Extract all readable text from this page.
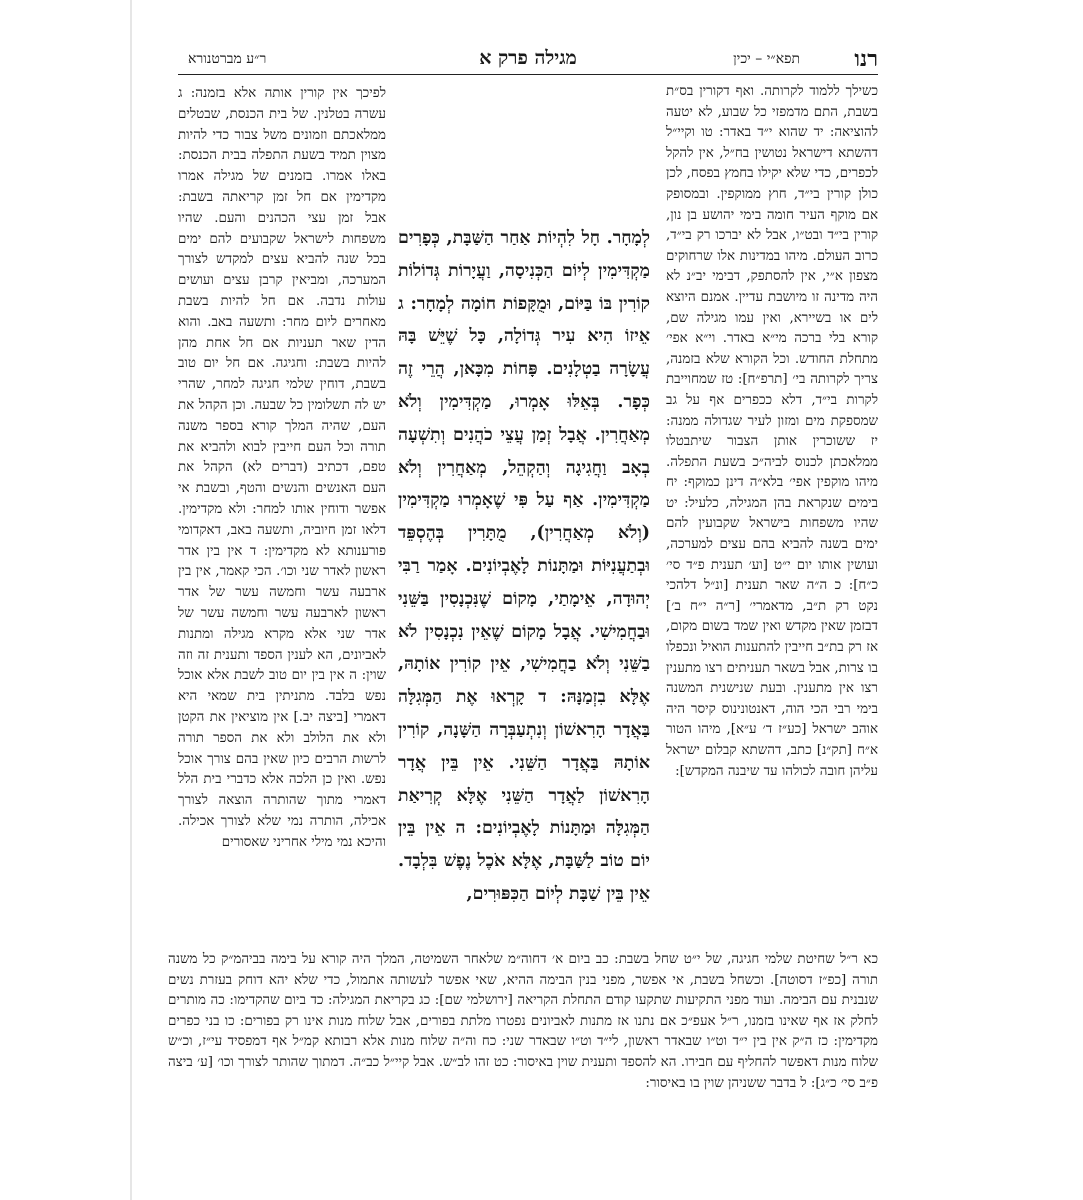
רנו
תפא״י – יכין
מגילה פרק א
ר״ע מברטנורא

כשילך ללמוד לקרותה. ואף דקורין בס״ת בשבת, התם מדמפזי כל שבוע, לא יטעה להוציאה: יד שהוא י״ד באדר: טו וקיי״ל דהשתא דישראל נטושין בח״ל, אין להקל לכפרים, כדי שלא יקילו בחמץ בפסח, לכן כולן קורין בי״ד, חוץ ממוקפין. ובמסופק אם מוקף העיר חומה בימי יהושע בן נון, קורין בי״ד ובט״ו, אבל לא יברכו רק בי״ד, כרוב העולם. מיהו במדינות אלו שרחוקים מצפון א״י, אין להסתפק, דבימי יב״נ לא היה מדינה זו מיושבת עדיין. אמנם היוצא לים או בשיירא, ואין עמו מגילה שם, קורא בלי ברכה מי״א באדר. וי״א אפי׳ מתחלת החודש. וכל הקורא שלא בזמנה, צריך לקרותה בי׳ [תרפ״ח]: טז שמחוייבת לקרות בי״ד, דלא ככפרים אף על גב שמספקת מים ומזון לעיר שגדולה ממנה: יז ששוכרין אותן הצבור שיתבטלו ממלאכתן לכנוס לביה״כ בשעת התפלה. מיהו מוקפין אפי׳ בלא״ה דינן כמוקף: יח בימים שנקראת בהן המגילה, כלעיל: יט שהיו משפחות בישראל שקבועין להם ימים בשנה להביא בהם עצים למערכה, ועושין אותו יום י״ט [וע׳ תענית פ״ד סי׳ כ״ח]: כ ה״ה שאר תענית [ונ״ל דלהכי נקט רק ת״ב, מדאמרי׳ [ר״ה י״ח ב׳] דבזמן שאין מקדש ואין שמד בשום מקום, אז רק בת״ב חייבין להתענות הואיל ונכפלו בו צרות, אבל בשאר תעניתים רצו מתענין רצו אין מתענין. ובעת שנישנית המשנה בימי רבי הכי הוה, דאנטונינוס קיסר היה אוהב ישראל [כע״ז ד׳ ע״א], מיהו הטור א״ח [תק״נ] כתב, דהשתא קבלום ישראל עליהן חובה לכולהו עד שיבנה המקדש]:

לְמָחָר. חָל לִהְיוֹת אַחַר הַשַּׁבָּת, כְּפָרִים מַקְדִּימִין לְיוֹם הַכְּנִיסָה, וַעֲיָרוֹת גְּדוֹלוֹת קוֹרִין בּוֹ בַּיּוֹם, וּמֻקָּפוֹת חוֹמָה לְמָחָר: ג אֵיזוֹ הִיא עִיר גְּדוֹלָה, כָּל שֶׁיֵּשׁ בָּהּ עֲשָׂרָה בַטְלָנִים. פָּחוֹת מִכָּאן, הֲרֵי זֶה כְּפָר. בְּאֵלּוּ אָמְרוּ, מַקְדִּימִין וְלֹא מְאַחֲרִין. אֲבָל זְמַן עֲצֵי כֹהֲנִים וְתִשְׁעָה בְאָב וַחֲגִיגָה וְהַקְהֵל, מְאַחֲרִין וְלֹא מַקְדִּימִין. אַף עַל פִּי שֶׁאָמְרוּ מַקְדִּימִין (וְלֹא מְאַחֲרִין), מֻתָּרִין בְּהֶסְפֵּד וּבְתַעֲנִיּוֹת וּמַתָּנוֹת לָאֶבְיוֹנִים. אָמַר רַבִּי יְהוּדָה, אֵימָתַי, מָקוֹם שֶׁנִּכְנָסִין בַּשֵּׁנִי וּבַחֲמִישִׁי. אֲבָל מָקוֹם שֶׁאֵין נִכְנָסִין לֹא בַשֵּׁנִי וְלֹא בַחֲמִישִׁי, אֵין קוֹרִין אוֹתָהּ, אֶלָּא בִזְמַנָּהּ: ד קָרְאוּ אֶת הַמְּגִלָּה בַּאֲדָר הָרִאשׁוֹן וְנִתְעַבְּרָה הַשָּׁנָה, קוֹרִין אוֹתָהּ בַּאֲדָר הַשֵּׁנִי. אֵין בֵּין אֲדָר הָרִאשׁוֹן לַאֲדָר הַשֵּׁנִי אֶלָּא קְרִיאַת הַמְּגִלָּה וּמַתָּנוֹת לָאֶבְיוֹנִים: ה אֵין בֵּין יוֹם טוֹב לַשַּׁבָּת, אֶלָּא אֹכֶל נֶפֶשׁ בִּלְבָד. אֵין בֵּין שַׁבָּת לְיוֹם הַכִּפּוּרִים,

לפיכך אין קורין אותה אלא בזמנה: ג עשרה בטלנין. של בית הכנסת, שבטלים ממלאכתם וזמונים משל צבור כדי להיות מצוין תמיד בשעת התפלה בבית הכנסת: באלו אמרו. בזמנים של מגילה אמרו מקדימין אם חל זמן קריאתה בשבת: אבל זמן עצי הכהנים והעם. שהיו משפחות לישראל שקבועים להם ימים בכל שנה להביא עצים למקדש לצורך המערכה, ומביאין קרבן עצים ועושים עולות נדבה. אם חל להיות בשבת מאחרים ליום מחר: ותשעה באב. והוא הדין שאר תעניות אם חל אחת מהן להיות בשבת: וחגיגה. אם חל יום טוב בשבת, דוחין שלמי חגיגה למחר, שהרי יש לה תשלומין כל שבעה. וכן הקהל את העם, שהיה המלך קורא בספר משנה תורה וכל העם חייבין לבוא ולהביא את טפם, דכתיב (דברים לא) הקהל את העם האנשים והנשים והטף, ובשבת אי אפשר ודוחין אותו למחר: ולא מקדימין. דלאו זמן חיוביה, ותשעה באב, דאקדומי פורענותא לא מקדימין: ד אין בין אדר ראשון לאדר שני וכו׳. הכי קאמר, אין בין ארבעה עשר וחמשה עשר של אדר ראשון לארבעה עשר וחמשה עשר של אדר שני אלא מקרא מגילה ומתנות לאביונים, הא לענין הספד ותענית זה וזה שוין: ה אין בין יום טוב לשבת אלא אוכל נפש בלבד. מתניתין בית שמאי היא דאמרי [ביצה יב.] אין מוציאין את הקטן ולא את הלולב ולא את הספר תורה לרשות הרבים כיון שאין בהם צורך אוכל נפש. ואין כן הלכה אלא כדברי בית הלל דאמרי מתוך שהותרה הוצאה לצורך אכילה, הותרה נמי שלא לצורך אכילה. והיכא נמי מילי אחריני שאסורים

כא ר״ל שחיטת שלמי חגיגה, של י״ט שחל בשבת: כב ביום א׳ דחוה״מ שלאחר השמיטה, המלך היה קורא על בימה בביהמ״ק כל משנה תורה [כפ״ז דסוטה]. וכשחל בשבת, אי אפשר, מפני בנין הבימה ההיא, שאי אפשר לעשותה אתמול, כדי שלא יהא דוחק בעזרת נשים שנבנית עם הבימה. ועוד מפני התקיעות שתקעו קודם התחלת הקריאה [ירושלמי שם]: כג בקריאת המגילה: כד ביום שהקדימו: כה מותרים לחלק אז אף שאינו בזמנו, ר״ל אעפ״כ אם נתנו אז מתנות לאביונים נפטרו מלתת בפורים, אבל שלוח מנות אינו רק בפורים: כו בני כפרים מקדימין: כז ה״ק אין בין י״ד וט״ו שבאדר ראשון, לי״ד וט״ו שבאדר שני: כח וה״ה שלוח מנות אלא רבותא קמ״ל אף דמפסיד עי״ז, וכ״ש שלוח מנות דאפשר להחליף עם חבירו. הא להספד ותענית שוין באיסור: כט זהו לב״ש. אבל קיי״ל כב״ה. דמתוך שהותר לצורך וכו׳ [ע׳ ביצה פ״ב סי׳ כ״ג]: ל בדבר ששניהן שוין בו באיסור:
